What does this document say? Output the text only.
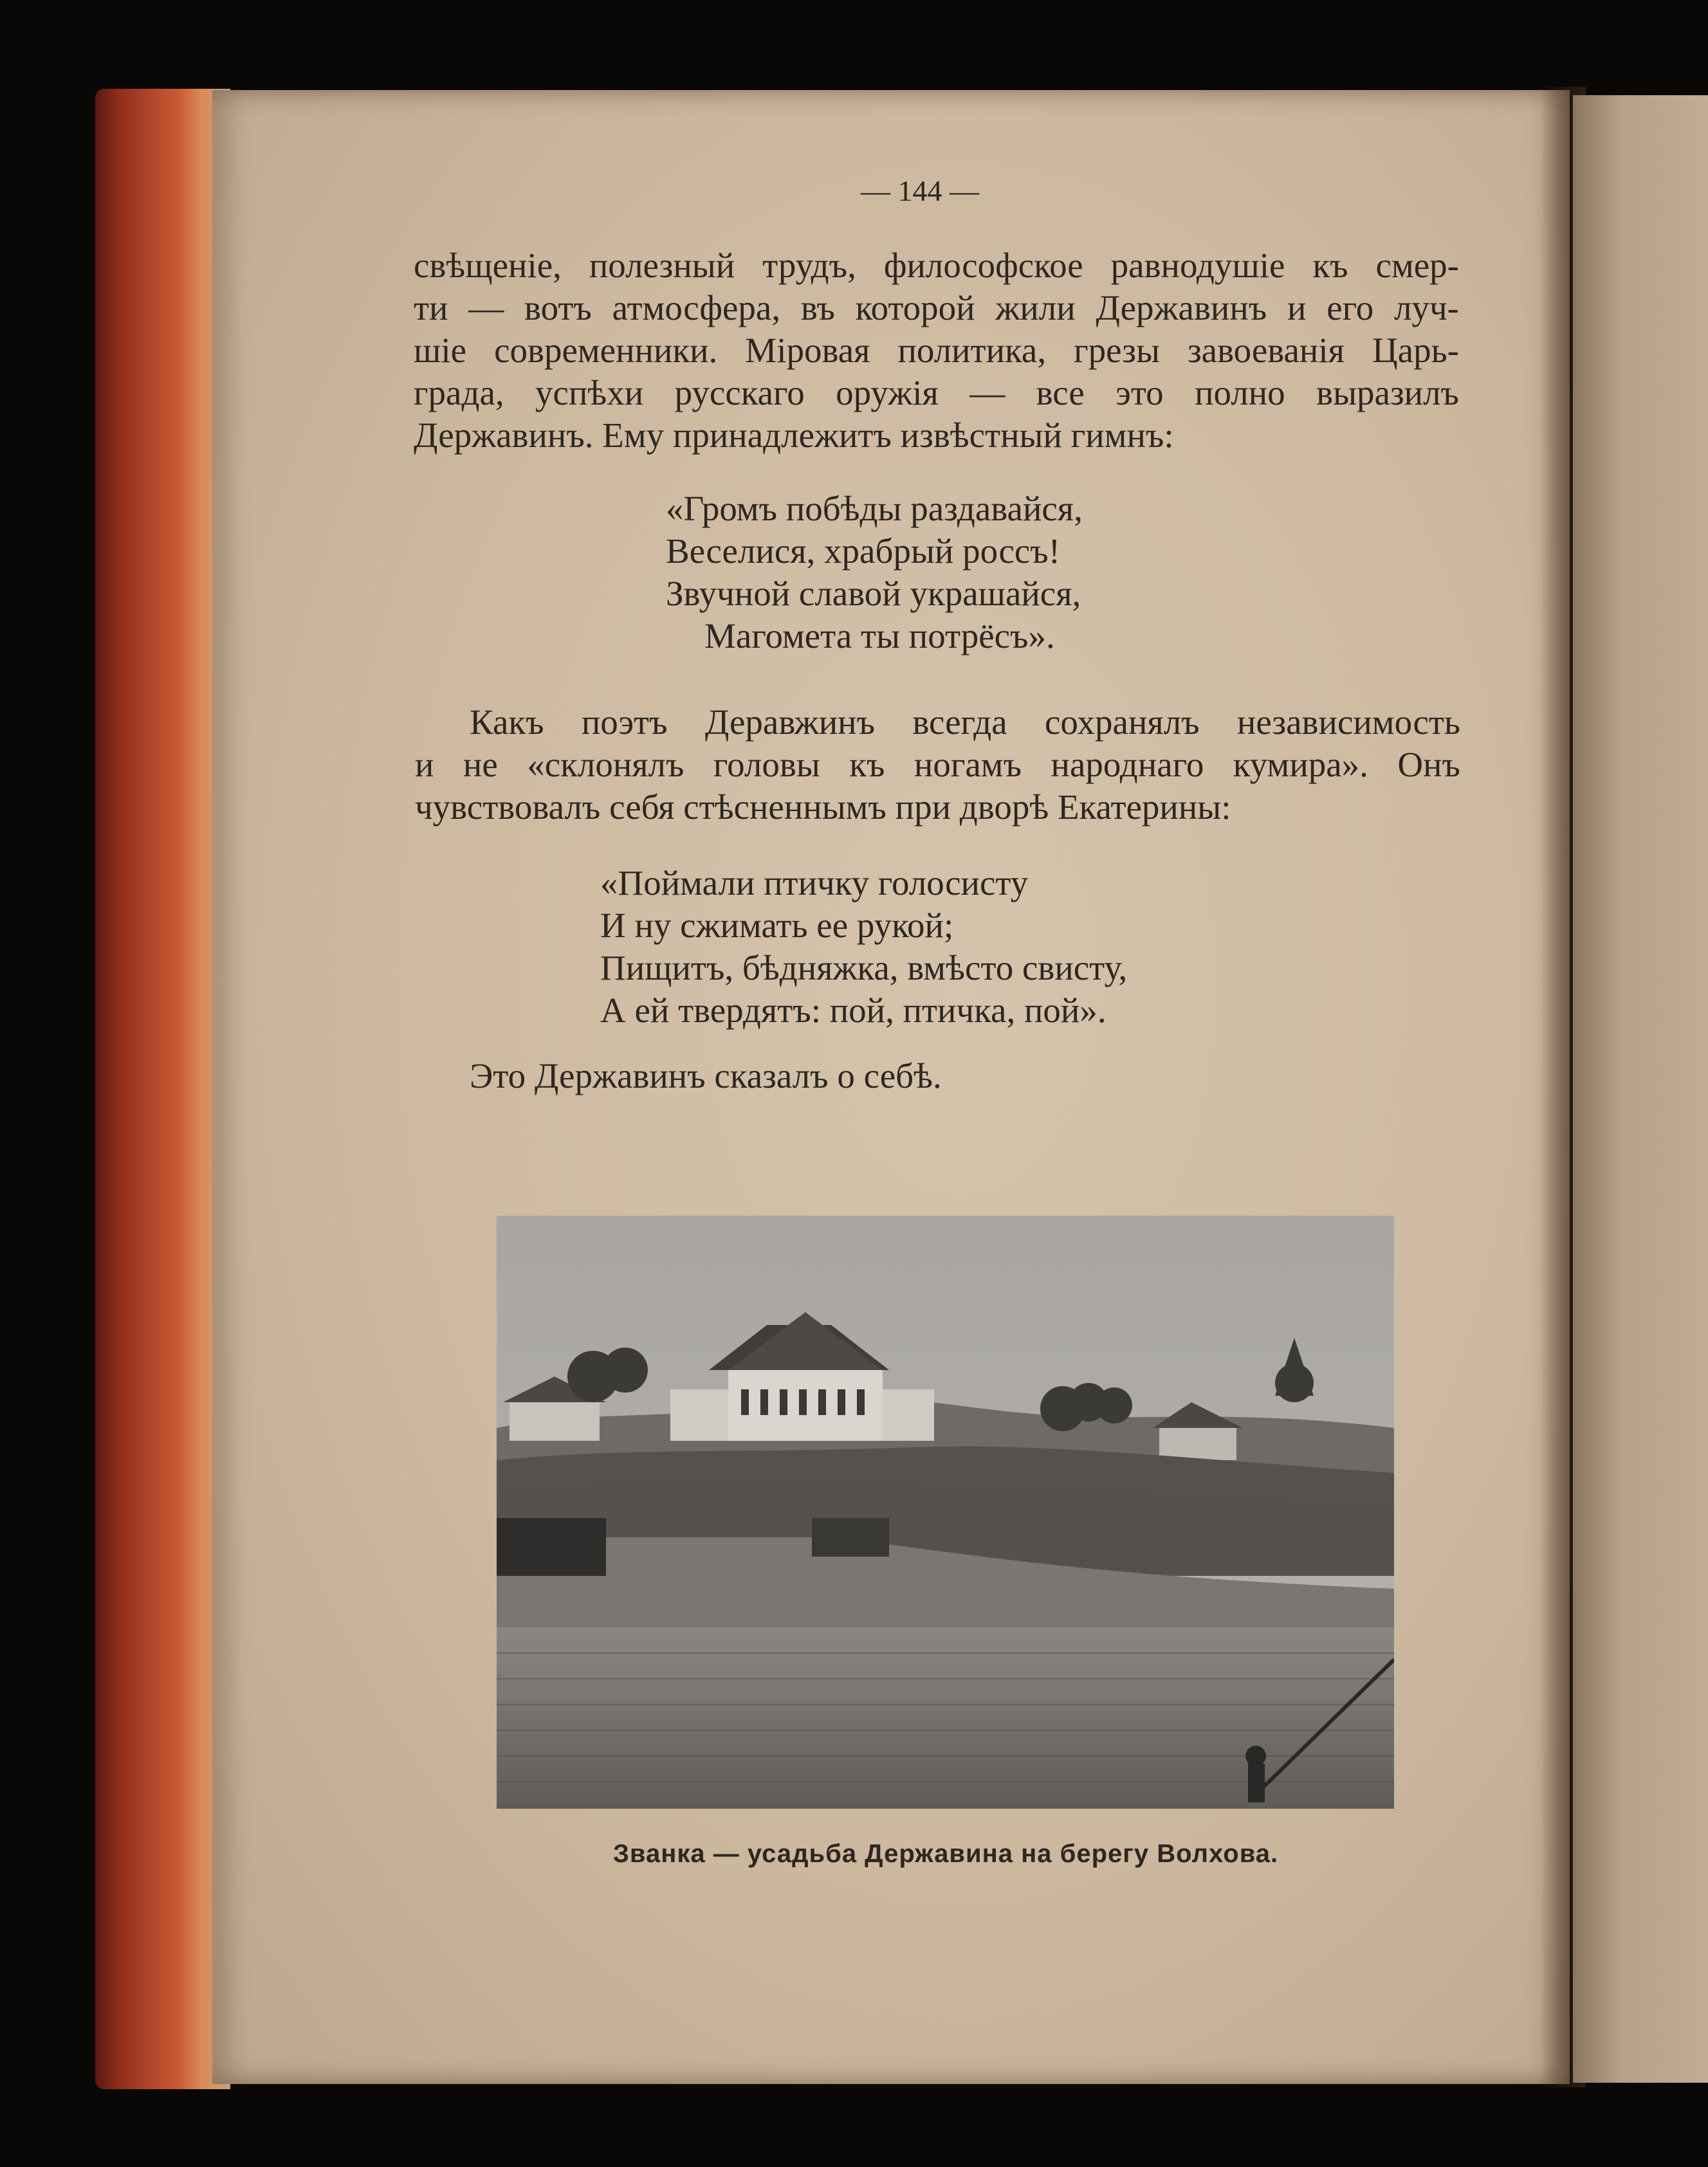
— 144 —
свѣщеніе, полезный трудъ, философское равнодушіе къ смер-
ти — вотъ атмосфера, въ которой жили Державинъ и его луч-
шіе современники. Міровая политика, грезы завоеванія Царь-
града, успѣхи русскаго оружія — все это полно выразилъ
Державинъ. Ему принадлежитъ извѣстный гимнъ:
«Громъ побѣды раздавайся,
Веселися, храбрый россъ!
Звучной славой украшайся,
Магомета ты потрёсъ».
Какъ поэтъ Деравжинъ всегда сохранялъ независимость
и не «склонялъ головы къ ногамъ народнаго кумира». Онъ
чувствовалъ себя стѣсненнымъ при дворѣ Екатерины:
«Поймали птичку голосисту
И ну сжимать ее рукой;
Пищитъ, бѣдняжка, вмѣсто свисту,
А ей твердятъ: пой, птичка, пой».
Это Державинъ сказалъ о себѣ.
Званка — усадьба Державина на берегу Волхова.
